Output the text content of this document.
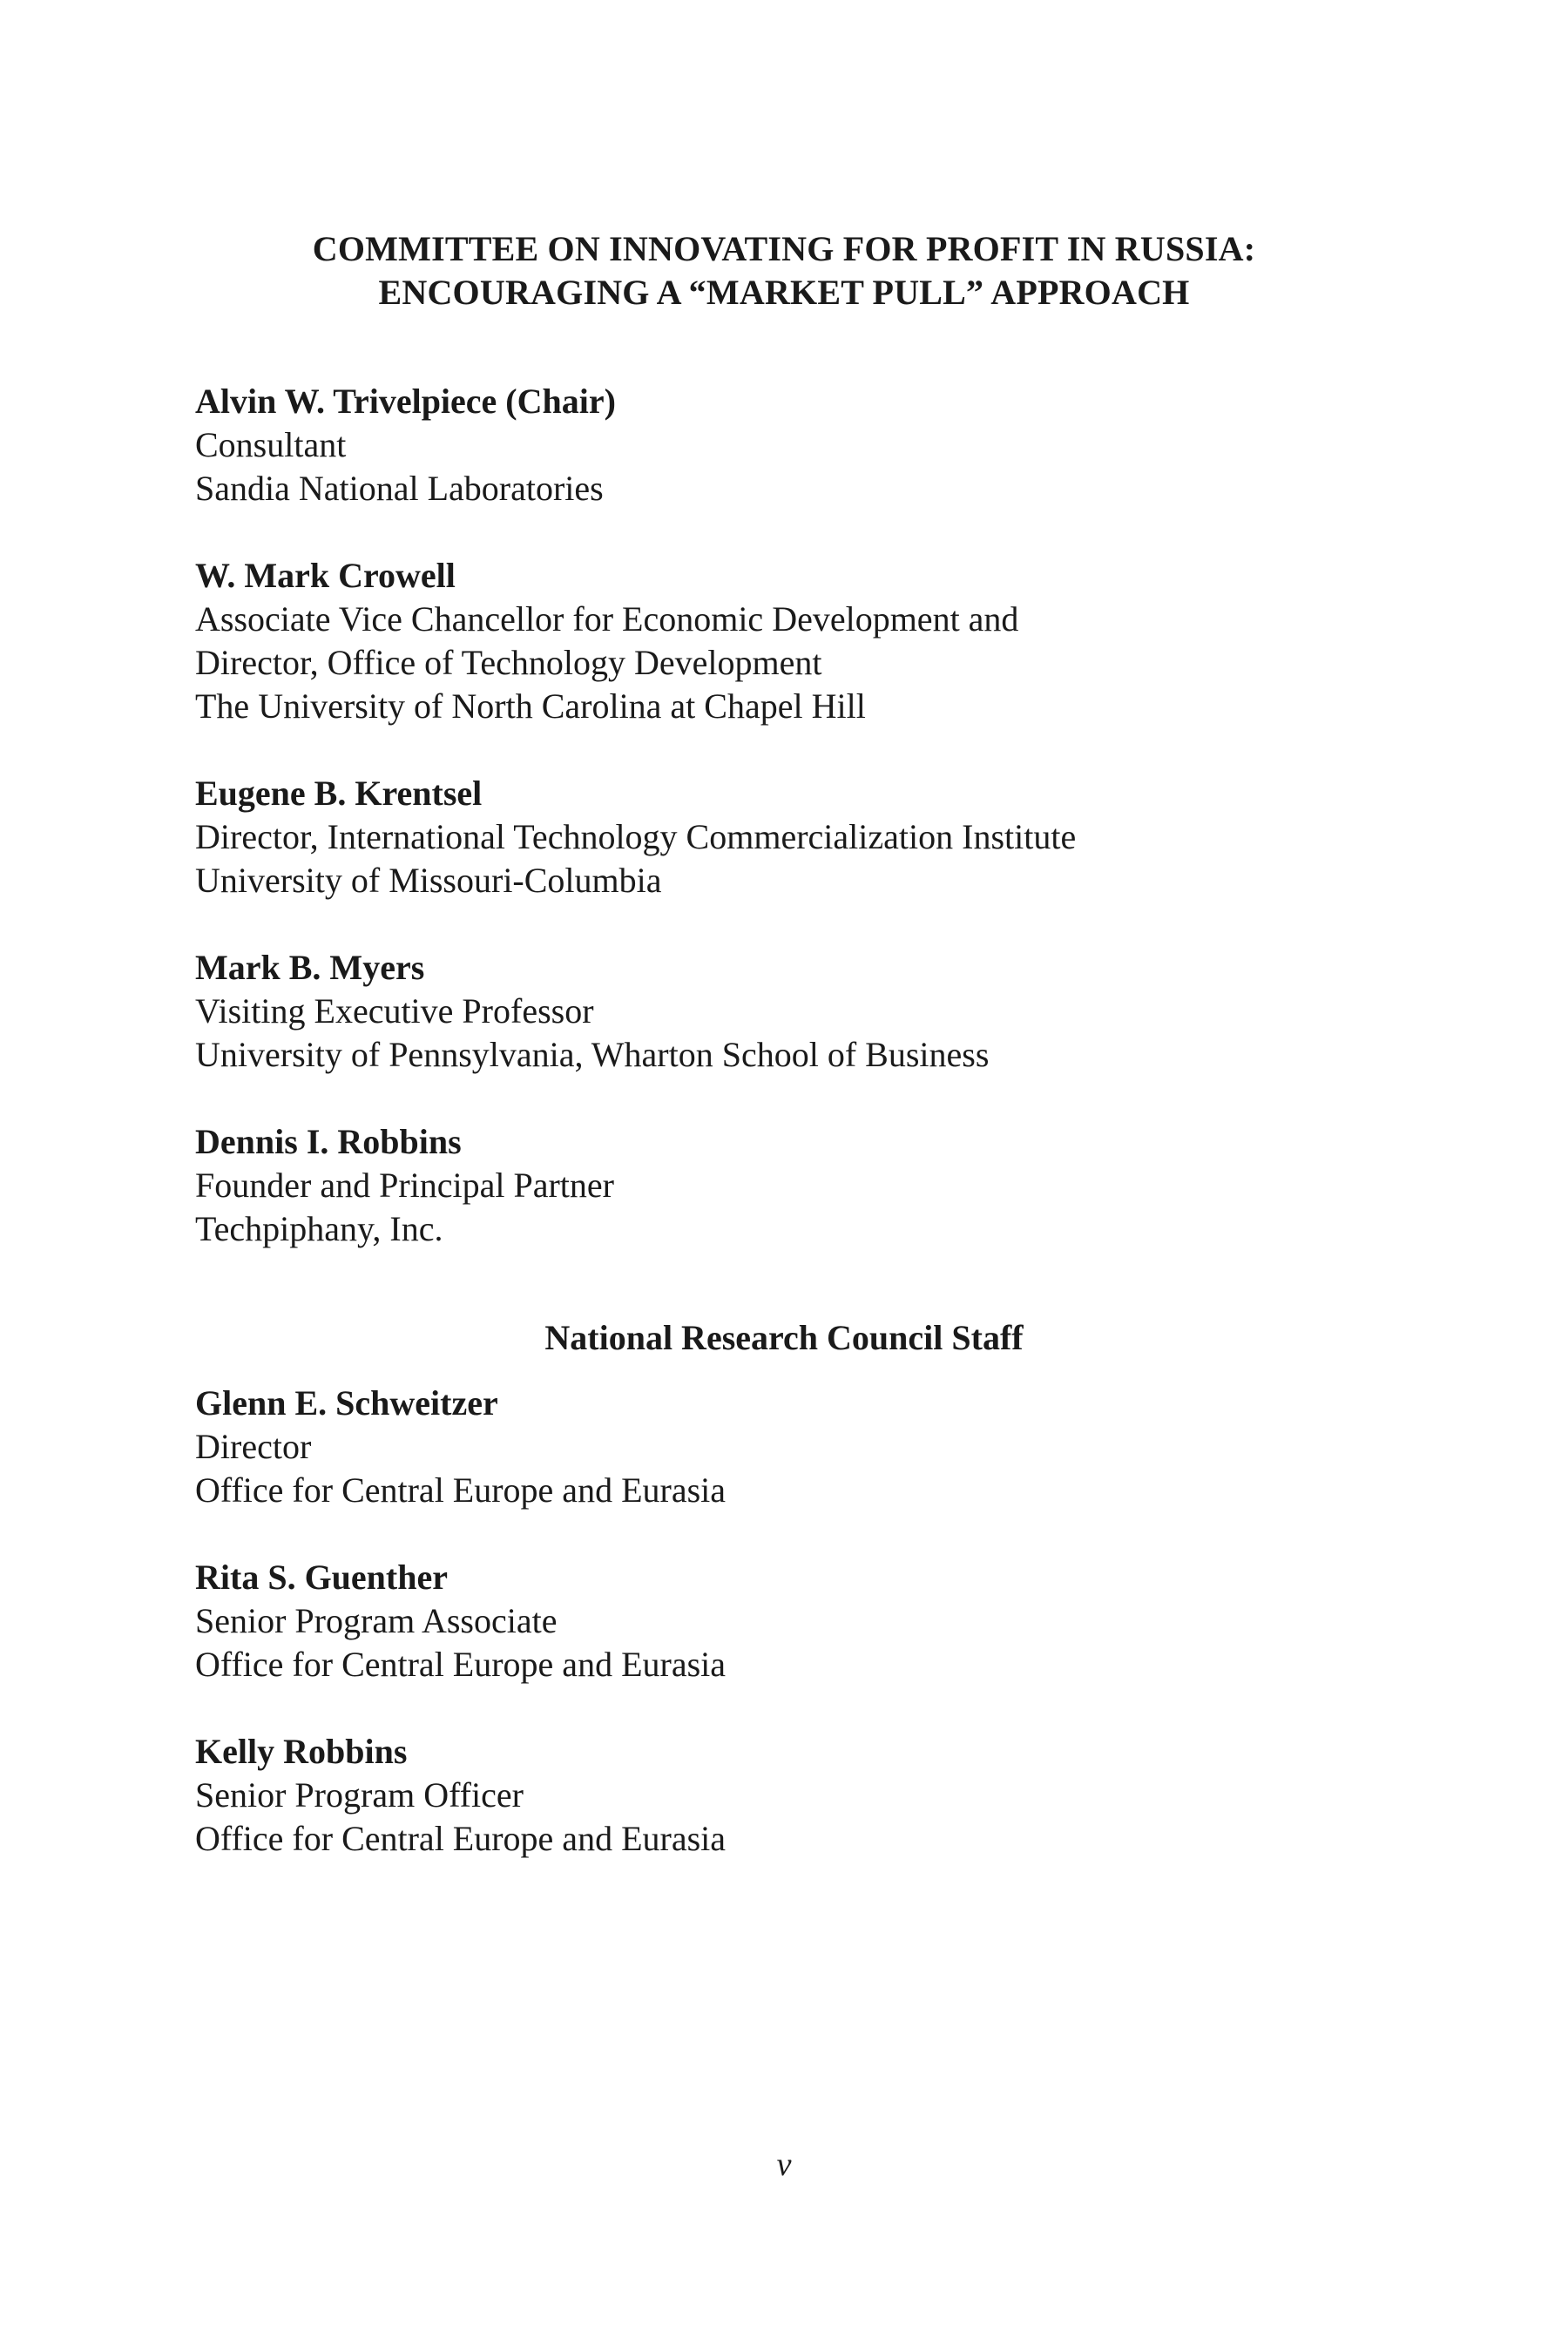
COMMITTEE ON INNOVATING FOR PROFIT IN RUSSIA:
ENCOURAGING A “MARKET PULL” APPROACH
Alvin W. Trivelpiece (Chair)
Consultant
Sandia National Laboratories
W. Mark Crowell
Associate Vice Chancellor for Economic Development and
Director, Office of Technology Development
The University of North Carolina at Chapel Hill
Eugene B. Krentsel
Director, International Technology Commercialization Institute
University of Missouri-Columbia
Mark B. Myers
Visiting Executive Professor
University of Pennsylvania, Wharton School of Business
Dennis I. Robbins
Founder and Principal Partner
Techpiphany, Inc.
National Research Council Staff
Glenn E. Schweitzer
Director
Office for Central Europe and Eurasia
Rita S. Guenther
Senior Program Associate
Office for Central Europe and Eurasia
Kelly Robbins
Senior Program Officer
Office for Central Europe and Eurasia
v
